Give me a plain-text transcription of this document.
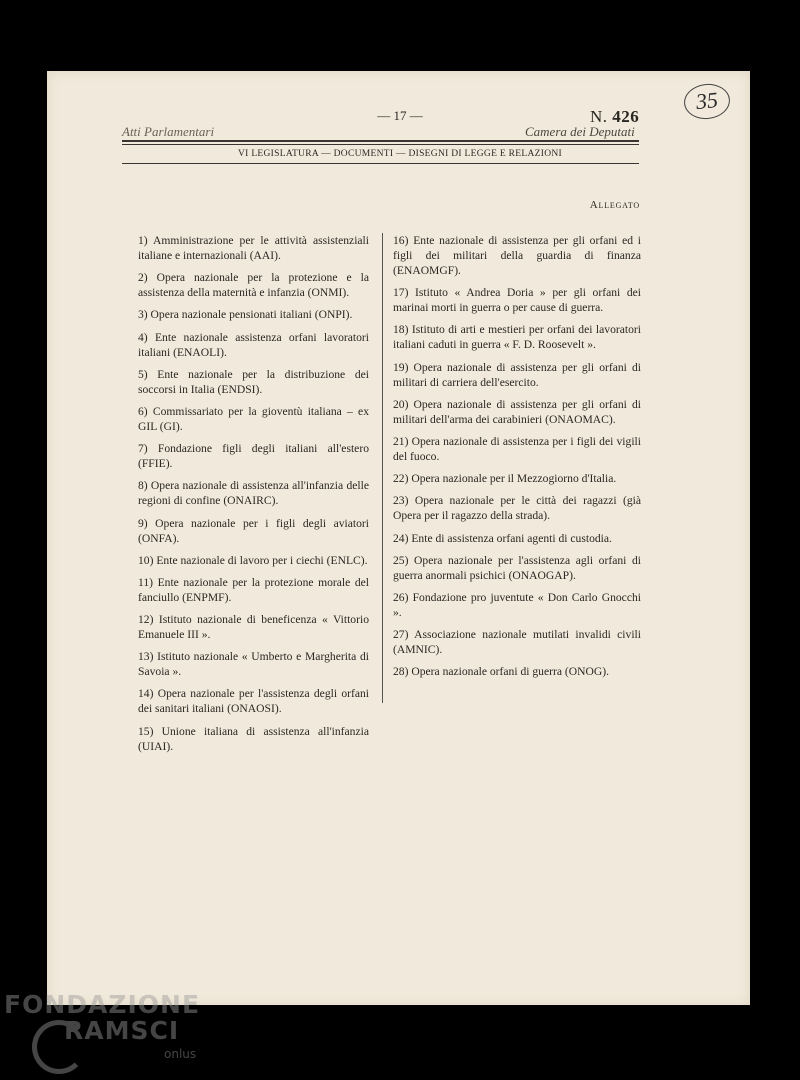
Atti Parlamentari
— 17 —	N. 426
Camera dei Deputati
VI LEGISLATURA — DOCUMENTI — DISEGNI DI LEGGE E RELAZIONI
35
Allegato

1) Amministrazione per le attività assistenziali italiane e internazionali (AAI).

2) Opera nazionale per la protezione e la assistenza della maternità e infanzia (ONMI).

3) Opera nazionale pensionati italiani (ONPI).

4) Ente nazionale assistenza orfani lavoratori italiani (ENAOLI).

5) Ente nazionale per la distribuzione dei soccorsi in Italia (ENDSI).

6) Commissariato per la gioventù italiana – ex GIL (GI).

7) Fondazione figli degli italiani all'estero (FFIE).

8) Opera nazionale di assistenza all'infanzia delle regioni di confine (ONAIRC).

9) Opera nazionale per i figli degli aviatori (ONFA).

10) Ente nazionale di lavoro per i ciechi (ENLC).

11) Ente nazionale per la protezione morale del fanciullo (ENPMF).

12) Istituto nazionale di beneficenza « Vittorio Emanuele III ».

13) Istituto nazionale « Umberto e Margherita di Savoia ».

14) Opera nazionale per l'assistenza degli orfani dei sanitari italiani (ONAOSI).

15) Unione italiana di assistenza all'infanzia (UIAI).

16) Ente nazionale di assistenza per gli orfani ed i figli dei militari della guardia di finanza (ENAOMGF).

17) Istituto « Andrea Doria » per gli orfani dei marinai morti in guerra o per cause di guerra.

18) Istituto di arti e mestieri per orfani dei lavoratori italiani caduti in guerra « F. D. Roosevelt ».

19) Opera nazionale di assistenza per gli orfani di militari di carriera dell'esercito.

20) Opera nazionale di assistenza per gli orfani di militari dell'arma dei carabinieri (ONAOMAC).

21) Opera nazionale di assistenza per i figli dei vigili del fuoco.

22) Opera nazionale per il Mezzogiorno d'Italia.

23) Opera nazionale per le città dei ragazzi (già Opera per il ragazzo della strada).

24) Ente di assistenza orfani agenti di custodia.

25) Opera nazionale per l'assistenza agli orfani di guerra anormali psichici (ONAOGAP).

26) Fondazione pro juventute « Don Carlo Gnocchi ».

27) Associazione nazionale mutilati invalidi civili (AMNIC).

28) Opera nazionale orfani di guerra (ONOG).

FONDAZIONE
RAMSCI
onlus
